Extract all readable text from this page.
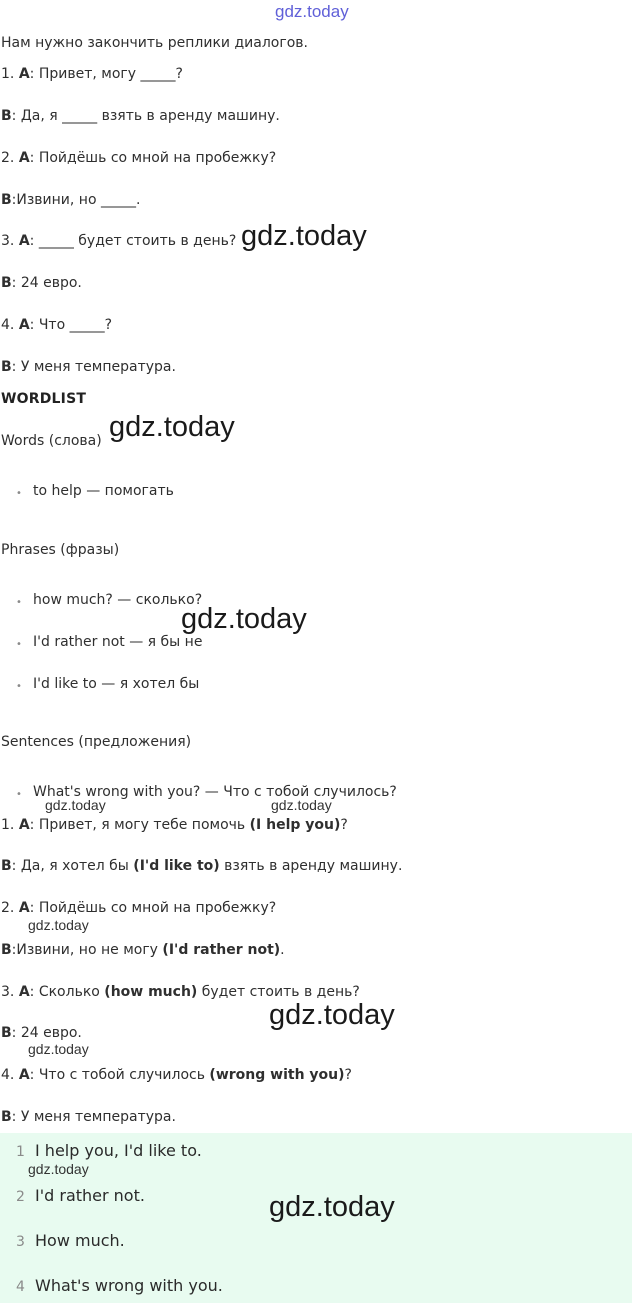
gdz.today
Нам нужно закончить реплики диалогов.
1. A: Привет, могу _____?
B: Да, я _____ взять в аренду машину.
2. A: Пойдёшь со мной на пробежку?
B:Извини, но _____.
3. A: _____ будет стоить в день?
B: 24 евро.
4. A: Что _____?
B: У меня температура.
gdz.today
WORDLIST
Words (слова) gdz.today
• to help — помогать
Phrases (фразы)
• how much? — сколько?
gdz.today
• I'd rather not — я бы не
• I'd like to — я хотел бы
Sentences (предложения)
• What's wrong with you? — Что с тобой случилось?
gdz.today	gdz.today
1. A: Привет, я могу тебе помочь (I help you)?
B: Да, я хотел бы (I'd like to) взять в аренду машину.
2. A: Пойдёшь со мной на пробежку?
B:Извини, но не могу (I'd rather not).
3. A: Сколько (how much) будет стоить в день?
B: 24 евро.
4. A: Что с тобой случилось (wrong with you)?
B: У меня температура.
gdz.today
gdz.today
gdz.today
1 I help you, I'd like to.
2 I'd rather not.
3 How much.
4 What's wrong with you.
gdz.today
gdz.today
